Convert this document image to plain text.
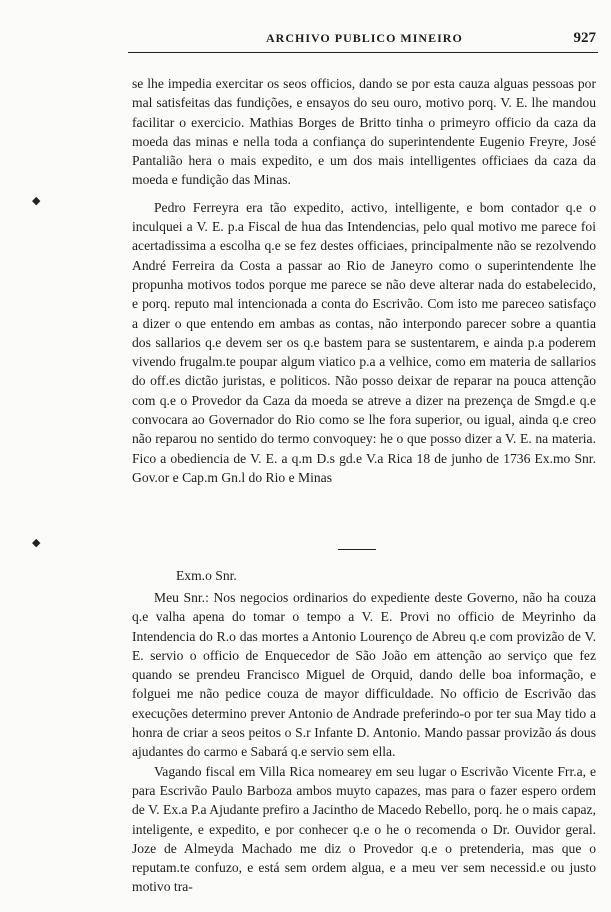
ARCHIVO PUBLICO MINEIRO	927
◆
◆

se lhe impedia exercitar os seos officios, dando se por esta cauza alguas pessoas por mal satisfeitas das fundições, e ensayos do seu ouro, motivo porq. V. E. lhe mandou facilitar o exercicio. Mathias Borges de Britto tinha o primeyro officio da caza da moeda das minas e nella toda a confiança do superintendente Eugenio Freyre, José Pantalião hera o mais expedito, e um dos mais intelligentes officiaes da caza da moeda e fundição das Minas.

Pedro Ferreyra era tão expedito, activo, intelligente, e bom contador q.e o inculquei a V. E. p.a Fiscal de hua das Intendencias, pelo qual motivo me parece foi acertadissima a escolha q.e se fez destes officiaes, principalmente não se rezolvendo André Ferreira da Costa a passar ao Rio de Janeyro como o superintendente lhe propunha motivos todos porque me parece se não deve alterar nada do estabelecido, e porq. reputo mal intencionada a conta do Escrivão. Com isto me pareceo satisfaço a dizer o que entendo em ambas as contas, não interpondo parecer sobre a quantia dos sallarios q.e devem ser os q.e bastem para se sustentarem, e ainda p.a poderem vivendo frugalm.te poupar algum viatico p.a a velhice, como em materia de sallarios do off.es dictão juristas, e politicos. Não posso deixar de reparar na pouca attenção com q.e o Provedor da Caza da moeda se atreve a dizer na prezença de Smgd.e q.e convocara ao Governador do Rio como se lhe fora superior, ou igual, ainda q.e creo não reparou no sentido do termo convoquey: he o que posso dizer a V. E. na materia. Fico a obediencia de V. E. a q.m D.s gd.e V.a Rica 18 de junho de 1736 Ex.mo Snr. Gov.or e Cap.m Gn.l do Rio e Minas

Exm.o Snr.

Meu Snr.: Nos negocios ordinarios do expediente deste Governo, não ha couza q.e valha apena do tomar o tempo a V. E. Provi no officio de Meyrinho da Intendencia do R.o das mortes a Antonio Lourenço de Abreu q.e com provizão de V. E. servio o officio de Enquecedor de São João em attenção ao serviço que fez quando se prendeu Francisco Miguel de Orquid, dando delle boa informação, e folguei me não pedice couza de mayor difficuldade. No officio de Escrivão das execuções determino prever Antonio de Andrade preferindo-o por ter sua May tido a honra de criar a seos peitos o S.r Infante D. Antonio. Mando passar provizão ás dous ajudantes do carmo e Sabará q.e servio sem ella.

Vagando fiscal em Villa Rica nomearey em seu lugar o Escrivão Vicente Frr.a, e para Escrivão Paulo Barboza ambos muyto capazes, mas para o fazer espero ordem de V. Ex.a P.a Ajudante prefiro a Jacintho de Macedo Rebello, porq. he o mais capaz, inteligente, e expedito, e por conhecer q.e o he o recomenda o Dr. Ouvidor geral. Joze de Almeyda Machado me diz o Provedor q.e o pretenderia, mas que o reputam.te confuzo, e está sem ordem algua, e a meu ver sem necessid.e ou justo motivo tra-
